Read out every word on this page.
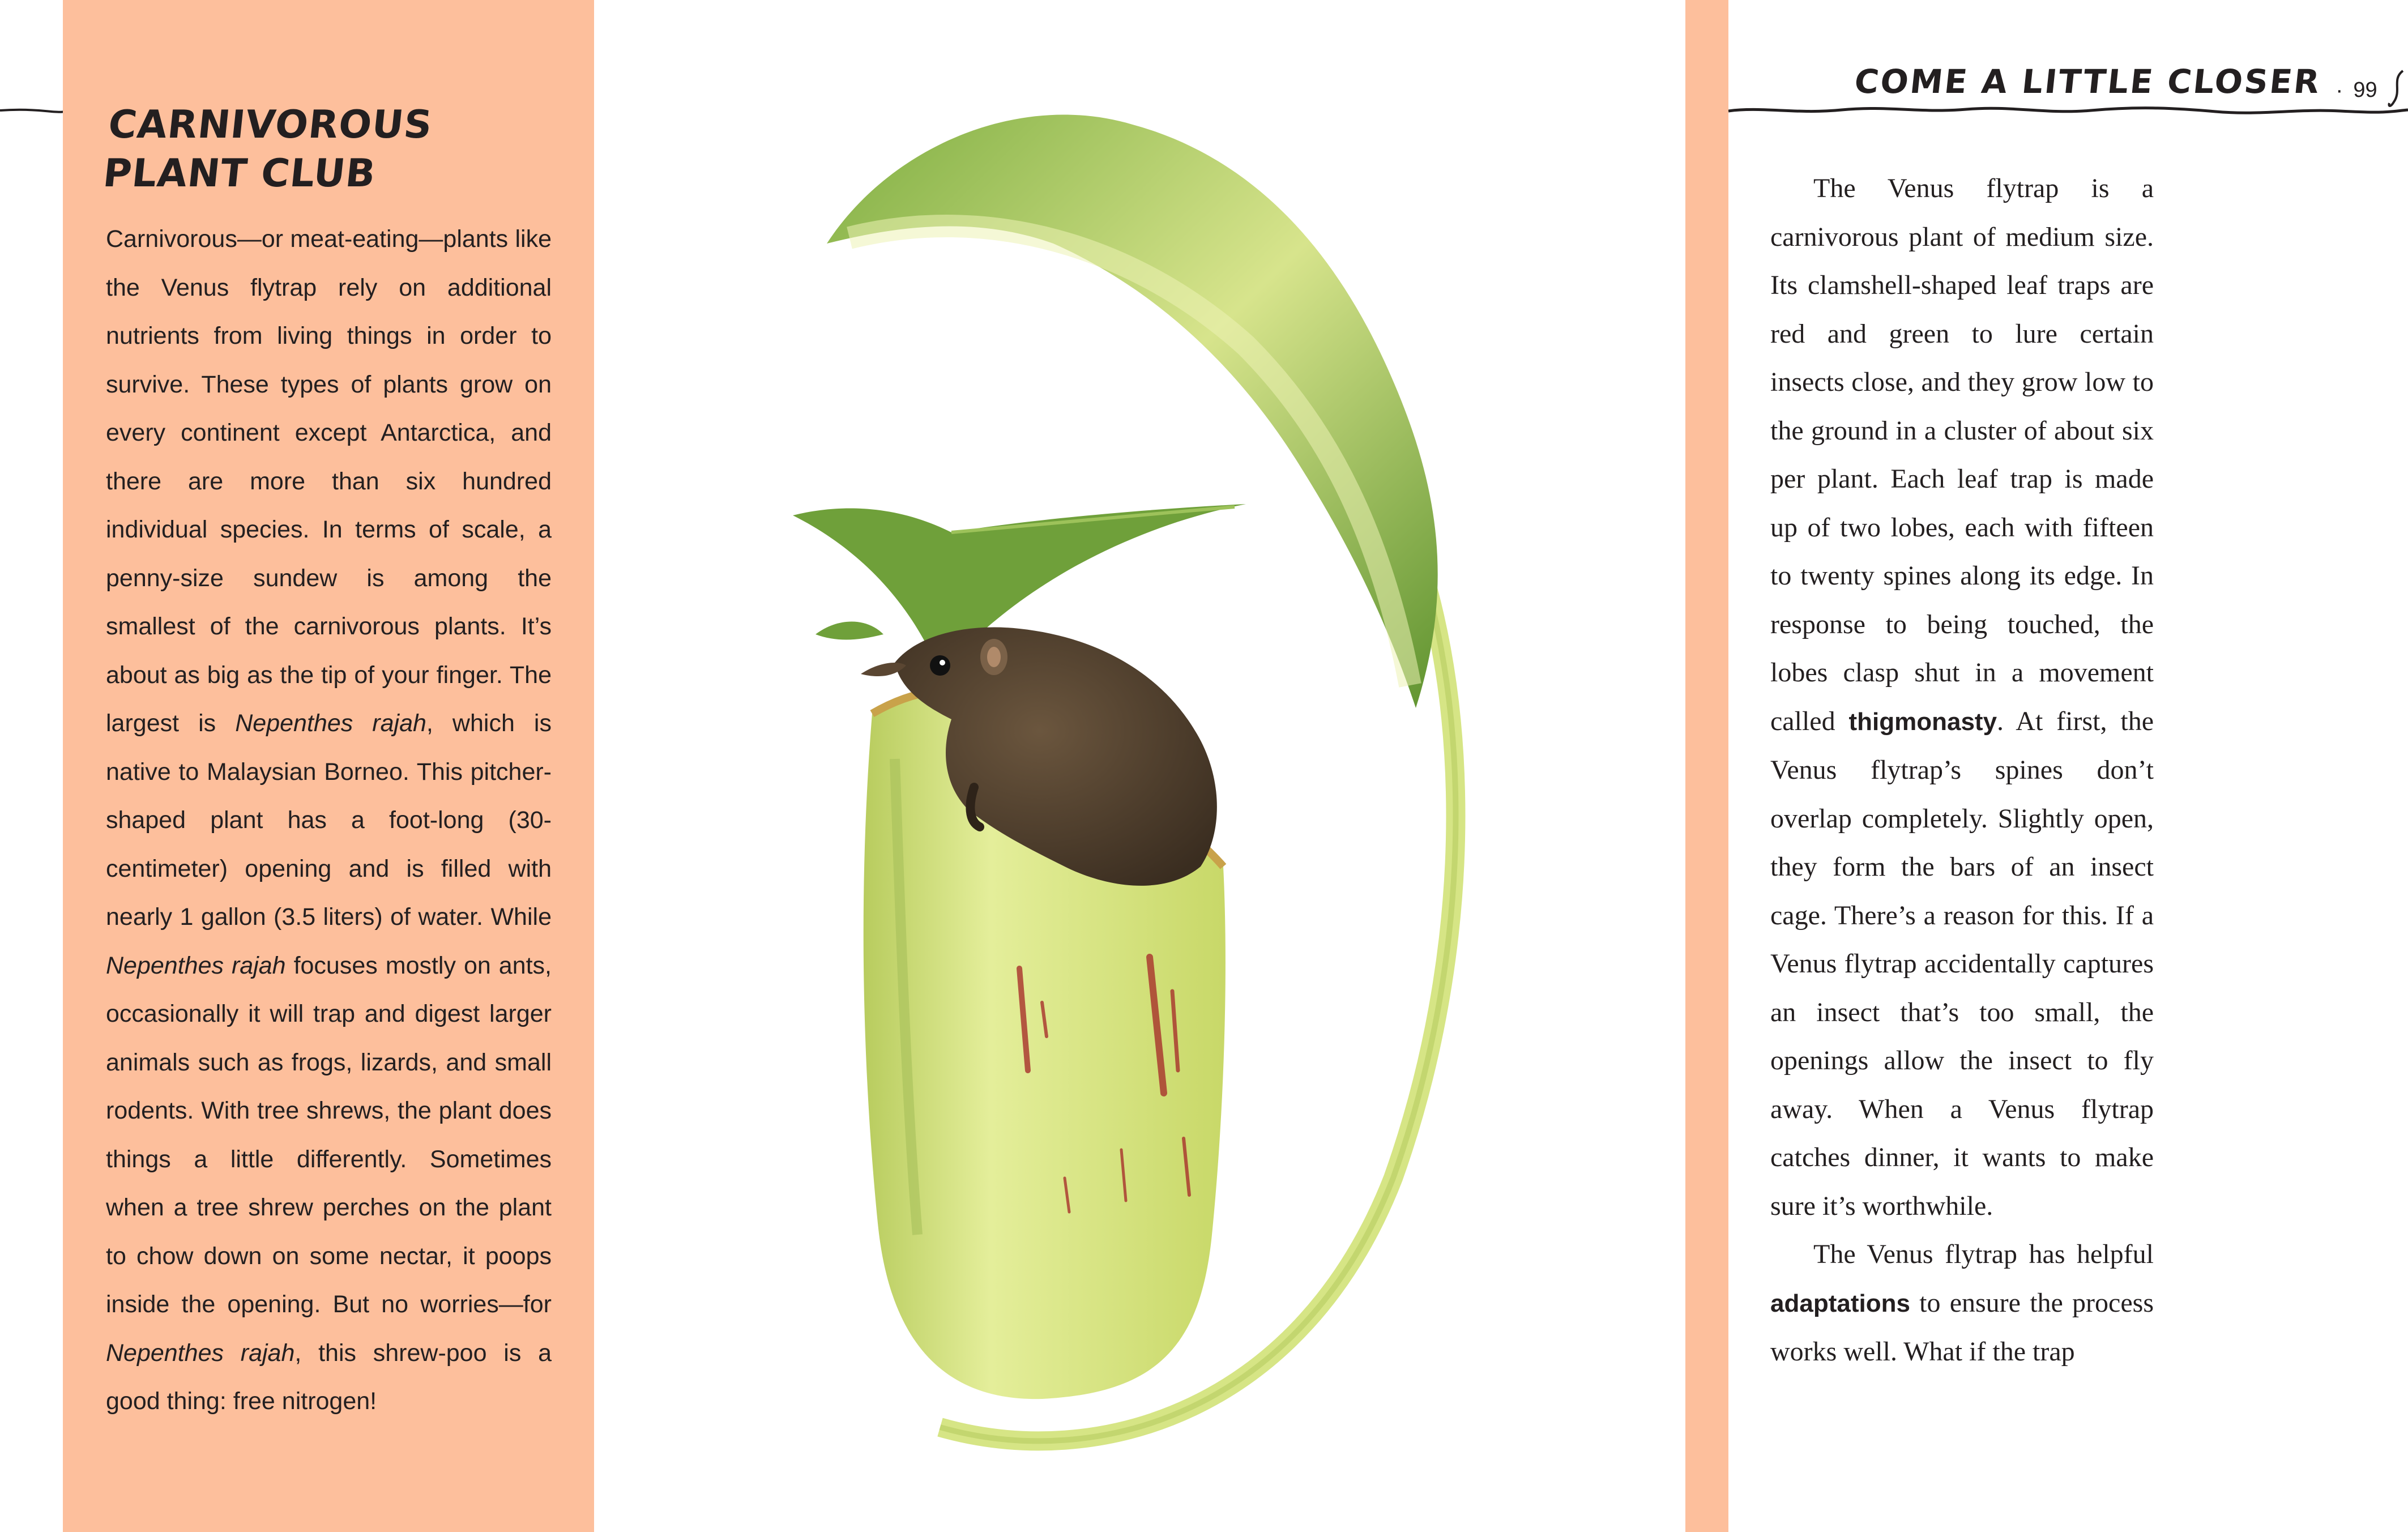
CARNIVOROUS PLANT CLUB

Carnivorous—or meat-eating—plants like the Venus flytrap rely on additional nutrients from living things in order to survive. These types of plants grow on every continent except Antarctica, and there are more than six hundred individual species. In terms of scale, a penny-size sundew is among the smallest of the carnivorous plants. It’s about as big as the tip of your finger. The largest is Nepenthes rajah, which is native to Malaysian Borneo. This pitcher-shaped plant has a foot-long (30-centimeter) opening and is filled with nearly 1 gallon (3.5 liters) of water. While Nepenthes rajah focuses mostly on ants, occasionally it will trap and digest larger animals such as frogs, lizards, and small rodents. With tree shrews, the plant does things a little differently. Sometimes when a tree shrew perches on the plant to chow down on some nectar, it poops inside the opening. But no worries—for Nepenthes rajah, this shrew-poo is a good thing: free nitrogen!

COME A LITTLE CLOSER · 99

The Venus flytrap is a carnivorous plant of medium size. Its clamshell-shaped leaf traps are red and green to lure certain insects close, and they grow low to the ground in a cluster of about six per plant. Each leaf trap is made up of two lobes, each with fifteen to twenty spines along its edge. In response to being touched, the lobes clasp shut in a movement called thigmonasty. At first, the Venus flytrap’s spines don’t overlap completely. Slightly open, they form the bars of an insect cage. There’s a reason for this. If a Venus flytrap accidentally captures an insect that’s too small, the openings allow the insect to fly away. When a Venus flytrap catches dinner, it wants to make sure it’s worthwhile.

The Venus flytrap has helpful adaptations to ensure the process works well. What if the trap
